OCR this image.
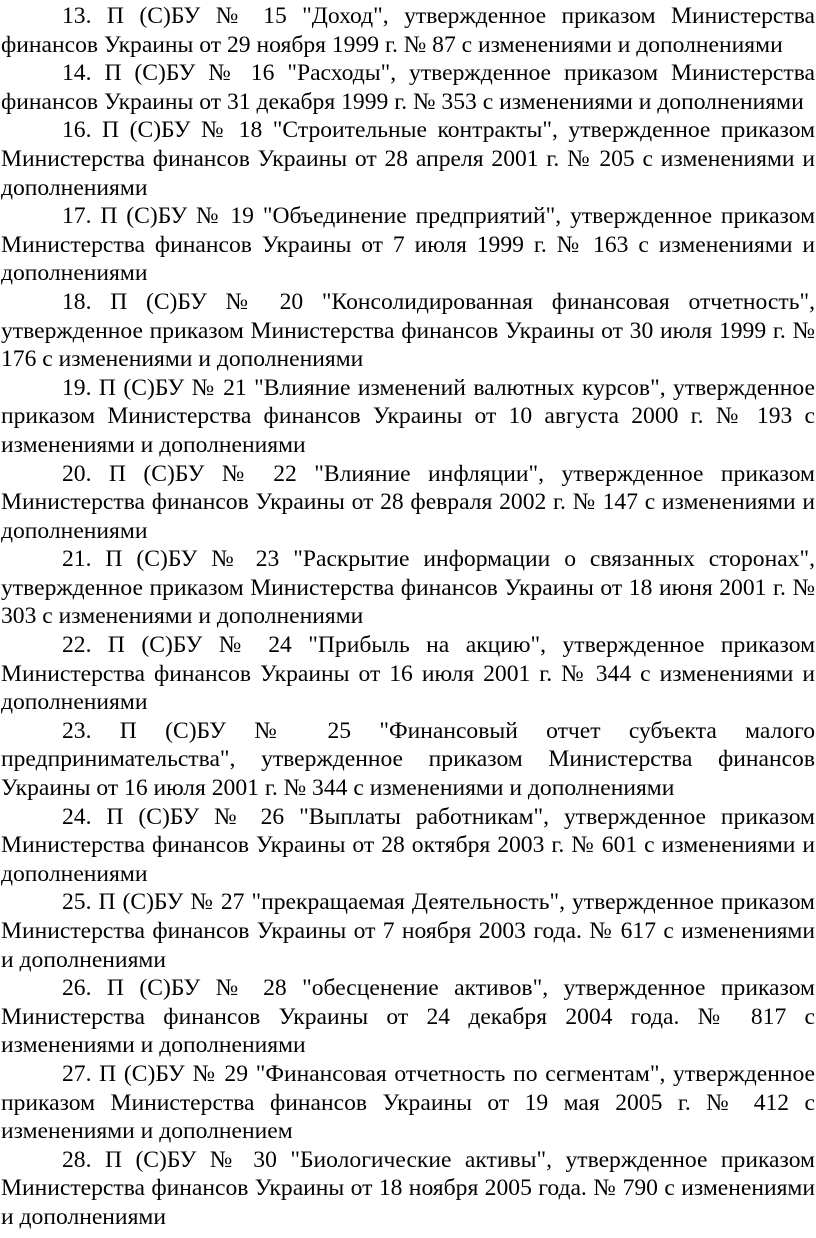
13. П (С)БУ № 15 "Доход", утвержденное приказом Министерства финансов Украины от 29 ноября 1999 г. № 87 с изменениями и дополнениями

14. П (С)БУ № 16 "Расходы", утвержденное приказом Министерства финансов Украины от 31 декабря 1999 г. № 353 с изменениями и дополнениями

16. П (С)БУ № 18 "Строительные контракты", утвержденное приказом Министерства финансов Украины от 28 апреля 2001 г. № 205 с изменениями и дополнениями

17. П (С)БУ № 19 "Объединение предприятий", утвержденное приказом Министерства финансов Украины от 7 июля 1999 г. № 163 с изменениями и дополнениями

18. П (С)БУ № 20 "Консолидированная финансовая отчетность", утвержденное приказом Министерства финансов Украины от 30 июля 1999 г. № 176 с изменениями и дополнениями

19. П (С)БУ № 21 "Влияние изменений валютных курсов", утвержденное приказом Министерства финансов Украины от 10 августа 2000 г. № 193 с изменениями и дополнениями

20. П (С)БУ № 22 "Влияние инфляции", утвержденное приказом Министерства финансов Украины от 28 февраля 2002 г. № 147 с изменениями и дополнениями

21. П (С)БУ № 23 "Раскрытие информации о связанных сторонах", утвержденное приказом Министерства финансов Украины от 18 июня 2001 г. № 303 с изменениями и дополнениями

22. П (С)БУ № 24 "Прибыль на акцию", утвержденное приказом Министерства финансов Украины от 16 июля 2001 г. № 344 с изменениями и дополнениями

23. П (С)БУ № 25 "Финансовый отчет субъекта малого предпринимательства", утвержденное приказом Министерства финансов Украины от 16 июля 2001 г. № 344 с изменениями и дополнениями

24. П (С)БУ № 26 "Выплаты работникам", утвержденное приказом Министерства финансов Украины от 28 октября 2003 г. № 601 с изменениями и дополнениями

25. П (С)БУ № 27 "прекращаемая Деятельность", утвержденное приказом Министерства финансов Украины от 7 ноября 2003 года. № 617 с изменениями и дополнениями

26. П (С)БУ № 28 "обесценение активов", утвержденное приказом Министерства финансов Украины от 24 декабря 2004 года. № 817 с изменениями и дополнениями

27. П (С)БУ № 29 "Финансовая отчетность по сегментам", утвержденное приказом Министерства финансов Украины от 19 мая 2005 г. № 412 с изменениями и дополнением

28. П (С)БУ № 30 "Биологические активы", утвержденное приказом Министерства финансов Украины от 18 ноября 2005 года. № 790 с изменениями и дополнениями
